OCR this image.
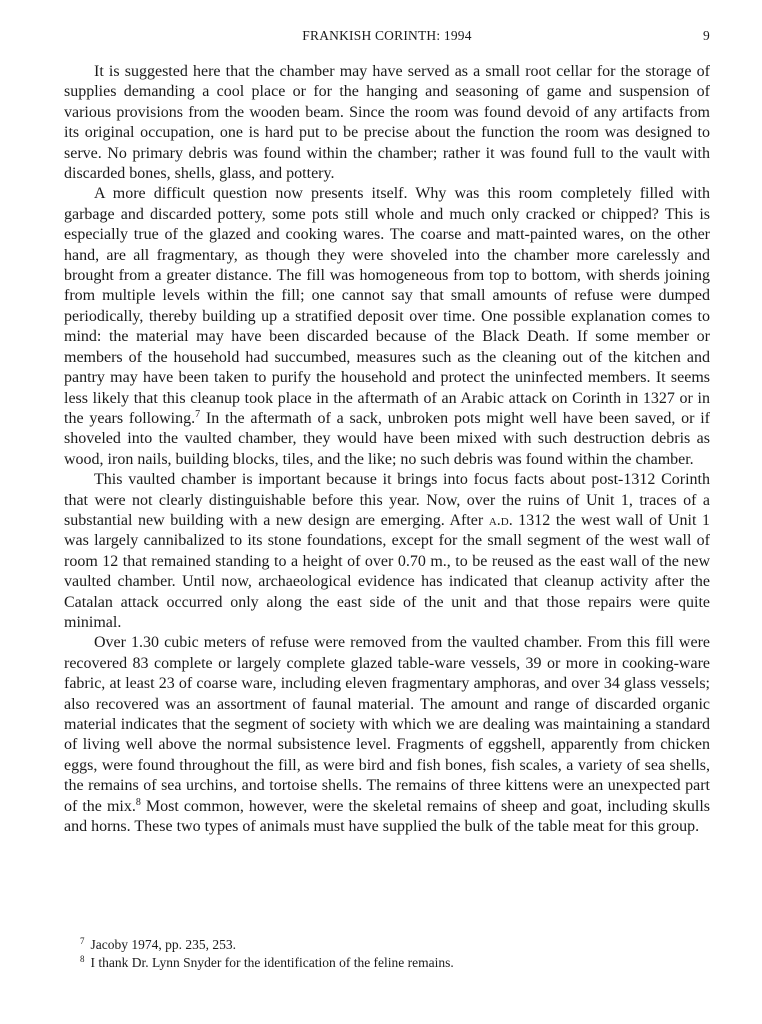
FRANKISH CORINTH: 1994	9

It is suggested here that the chamber may have served as a small root cellar for the storage of supplies demanding a cool place or for the hanging and seasoning of game and suspension of various provisions from the wooden beam. Since the room was found devoid of any artifacts from its original occupation, one is hard put to be precise about the function the room was designed to serve. No primary debris was found within the chamber; rather it was found full to the vault with discarded bones, shells, glass, and pottery.

A more difficult question now presents itself. Why was this room completely filled with garbage and discarded pottery, some pots still whole and much only cracked or chipped? This is especially true of the glazed and cooking wares. The coarse and matt-painted wares, on the other hand, are all fragmentary, as though they were shoveled into the chamber more carelessly and brought from a greater distance. The fill was homogeneous from top to bottom, with sherds joining from multiple levels within the fill; one cannot say that small amounts of refuse were dumped periodically, thereby building up a stratified deposit over time. One possible explanation comes to mind: the material may have been discarded because of the Black Death. If some member or members of the household had succumbed, measures such as the cleaning out of the kitchen and pantry may have been taken to purify the household and protect the uninfected members. It seems less likely that this cleanup took place in the aftermath of an Arabic attack on Corinth in 1327 or in the years following.$^7$ In the aftermath of a sack, unbroken pots might well have been saved, or if shoveled into the vaulted chamber, they would have been mixed with such destruction debris as wood, iron nails, building blocks, tiles, and the like; no such debris was found within the chamber.

This vaulted chamber is important because it brings into focus facts about post-1312 Corinth that were not clearly distinguishable before this year. Now, over the ruins of Unit 1, traces of a substantial new building with a new design are emerging. After a.d. 1312 the west wall of Unit 1 was largely cannibalized to its stone foundations, except for the small segment of the west wall of room 12 that remained standing to a height of over 0.70 m., to be reused as the east wall of the new vaulted chamber. Until now, archaeological evidence has indicated that cleanup activity after the Catalan attack occurred only along the east side of the unit and that those repairs were quite minimal.

Over 1.30 cubic meters of refuse were removed from the vaulted chamber. From this fill were recovered 83 complete or largely complete glazed table-ware vessels, 39 or more in cooking-ware fabric, at least 23 of coarse ware, including eleven fragmentary amphoras, and over 34 glass vessels; also recovered was an assortment of faunal material. The amount and range of discarded organic material indicates that the segment of society with which we are dealing was maintaining a standard of living well above the normal subsistence level. Fragments of eggshell, apparently from chicken eggs, were found throughout the fill, as were bird and fish bones, fish scales, a variety of sea shells, the remains of sea urchins, and tortoise shells. The remains of three kittens were an unexpected part of the mix.$^8$ Most common, however, were the skeletal remains of sheep and goat, including skulls and horns. These two types of animals must have supplied the bulk of the table meat for this group.

$^7$ Jacoby 1974, pp. 235, 253.
$^8$ I thank Dr. Lynn Snyder for the identification of the feline remains.
